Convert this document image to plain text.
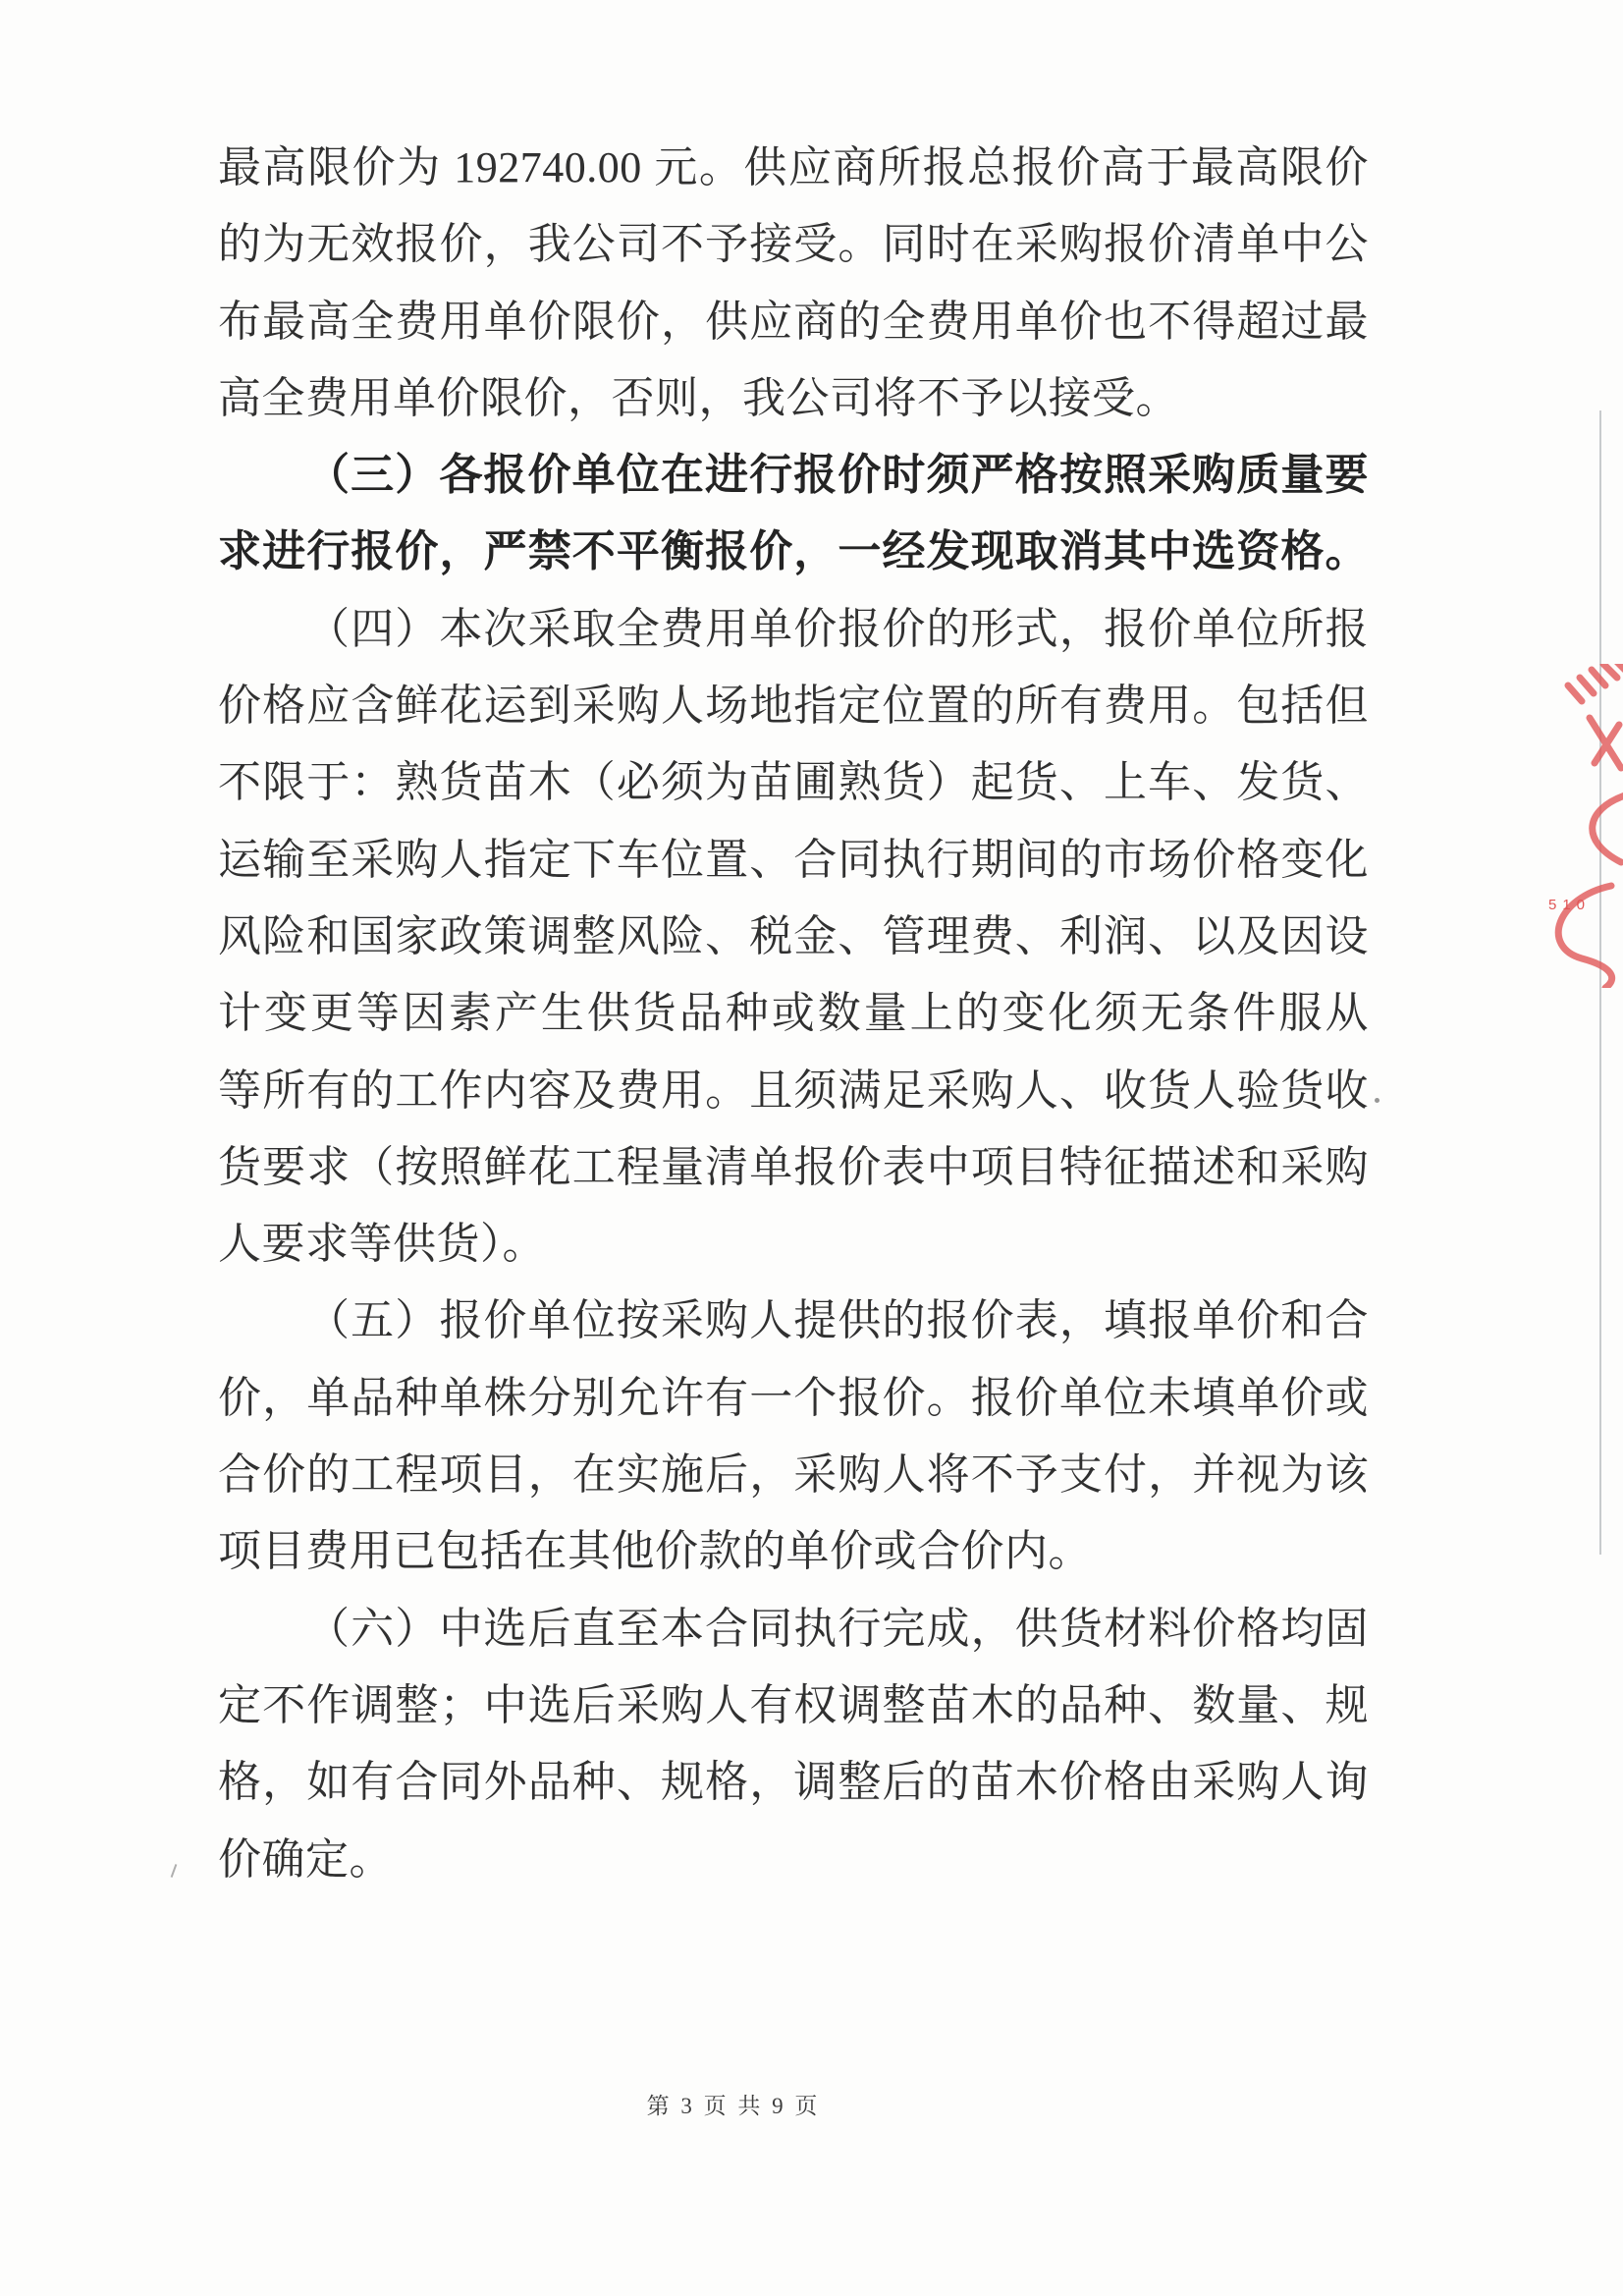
最高限价为 192740.00 元。供应商所报总报价高于最高限价
的为无效报价，我公司不予接受。同时在采购报价清单中公
布最高全费用单价限价，供应商的全费用单价也不得超过最
高全费用单价限价，否则，我公司将不予以接受。
（三）各报价单位在进行报价时须严格按照采购质量要
求进行报价，严禁不平衡报价，一经发现取消其中选资格。
（四）本次采取全费用单价报价的形式，报价单位所报
价格应含鲜花运到采购人场地指定位置的所有费用。包括但
不限于：熟货苗木（必须为苗圃熟货）起货、上车、发货、
运输至采购人指定下车位置、合同执行期间的市场价格变化
风险和国家政策调整风险、税金、管理费、利润、以及因设
计变更等因素产生供货品种或数量上的变化须无条件服从
等所有的工作内容及费用。且须满足采购人、收货人验货收
货要求（按照鲜花工程量清单报价表中项目特征描述和采购
人要求等供货）。
（五）报价单位按采购人提供的报价表，填报单价和合
价，单品种单株分别允许有一个报价。报价单位未填单价或
合价的工程项目，在实施后，采购人将不予支付，并视为该
项目费用已包括在其他价款的单价或合价内。
（六）中选后直至本合同执行完成，供货材料价格均固
定不作调整；中选后采购人有权调整苗木的品种、数量、规
格，如有合同外品种、规格，调整后的苗木价格由采购人询
价确定。
510
第 3 页 共 9 页
